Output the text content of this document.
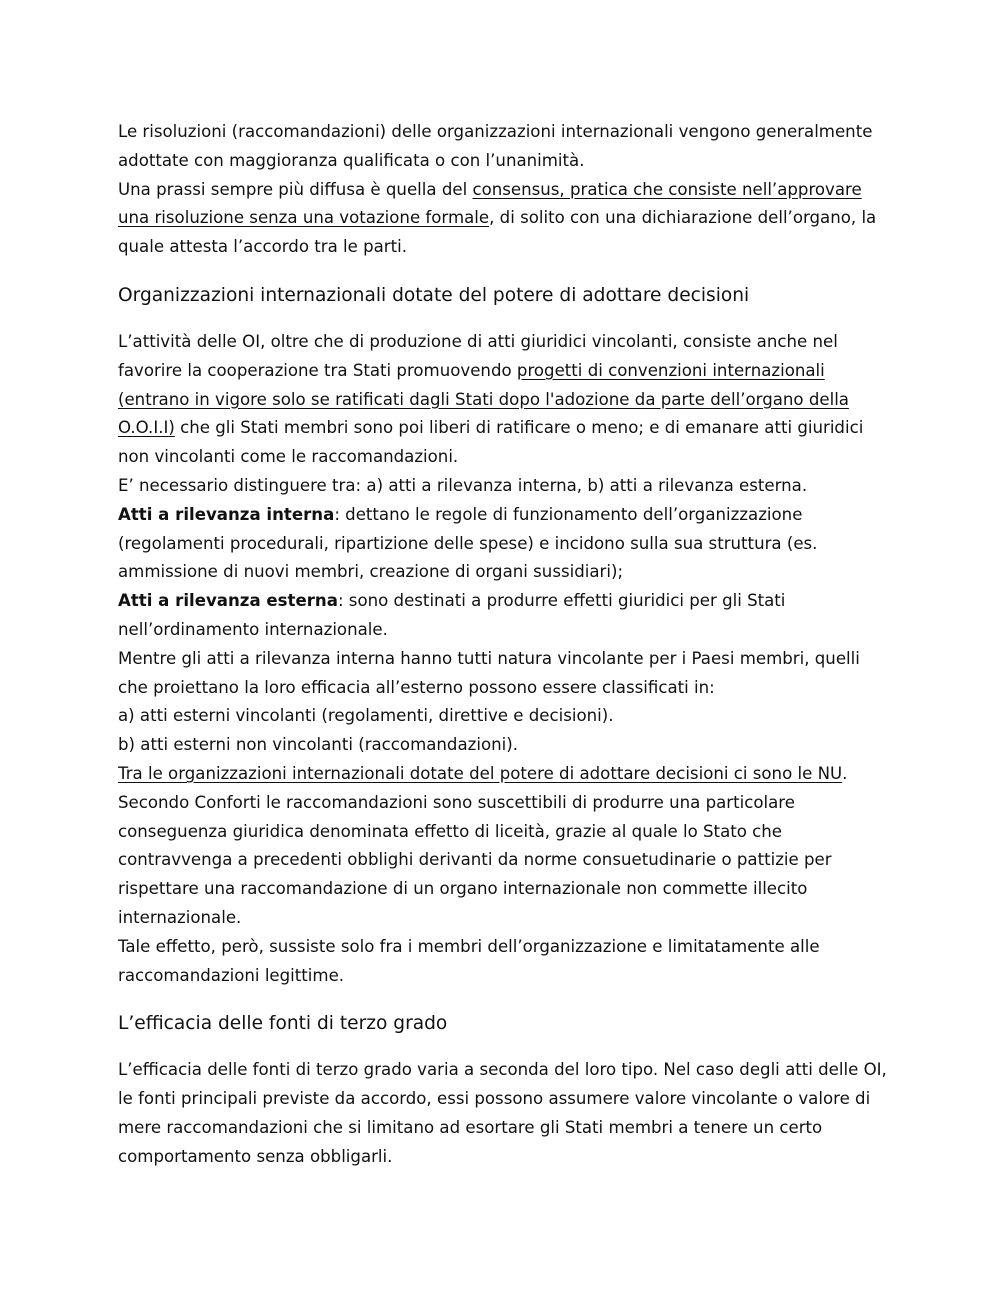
Le risoluzioni (raccomandazioni) delle organizzazioni internazionali vengono generalmente adottate con maggioranza qualificata o con l’unanimità.

Una prassi sempre più diffusa è quella del consensus, pratica che consiste nell’approvare una risoluzione senza una votazione formale, di solito con una dichiarazione dell’organo, la quale attesta l’accordo tra le parti.

Organizzazioni internazionali dotate del potere di adottare decisioni

L’attività delle OI, oltre che di produzione di atti giuridici vincolanti, consiste anche nel favorire la cooperazione tra Stati promuovendo progetti di convenzioni internazionali (entrano in vigore solo se ratificati dagli Stati dopo l'adozione da parte dell’organo della O.O.I.I) che gli Stati membri sono poi liberi di ratificare o meno; e di emanare atti giuridici non vincolanti come le raccomandazioni.

E’ necessario distinguere tra: a) atti a rilevanza interna, b) atti a rilevanza esterna.

Atti a rilevanza interna: dettano le regole di funzionamento dell’organizzazione (regolamenti procedurali, ripartizione delle spese) e incidono sulla sua struttura (es. ammissione di nuovi membri, creazione di organi sussidiari);

Atti a rilevanza esterna: sono destinati a produrre effetti giuridici per gli Stati nell’ordinamento internazionale.

Mentre gli atti a rilevanza interna hanno tutti natura vincolante per i Paesi membri, quelli che proiettano la loro efficacia all’esterno possono essere classificati in:

a) atti esterni vincolanti (regolamenti, direttive e decisioni).

b) atti esterni non vincolanti (raccomandazioni).

Tra le organizzazioni internazionali dotate del potere di adottare decisioni ci sono le NU.

Secondo Conforti le raccomandazioni sono suscettibili di produrre una particolare conseguenza giuridica denominata effetto di liceità, grazie al quale lo Stato che contravvenga a precedenti obblighi derivanti da norme consuetudinarie o pattizie per rispettare una raccomandazione di un organo internazionale non commette illecito internazionale.

Tale effetto, però, sussiste solo fra i membri dell’organizzazione e limitatamente alle raccomandazioni legittime.

L’efficacia delle fonti di terzo grado

L’efficacia delle fonti di terzo grado varia a seconda del loro tipo. Nel caso degli atti delle OI, le fonti principali previste da accordo, essi possono assumere valore vincolante o valore di mere raccomandazioni che si limitano ad esortare gli Stati membri a tenere un certo comportamento senza obbligarli.
